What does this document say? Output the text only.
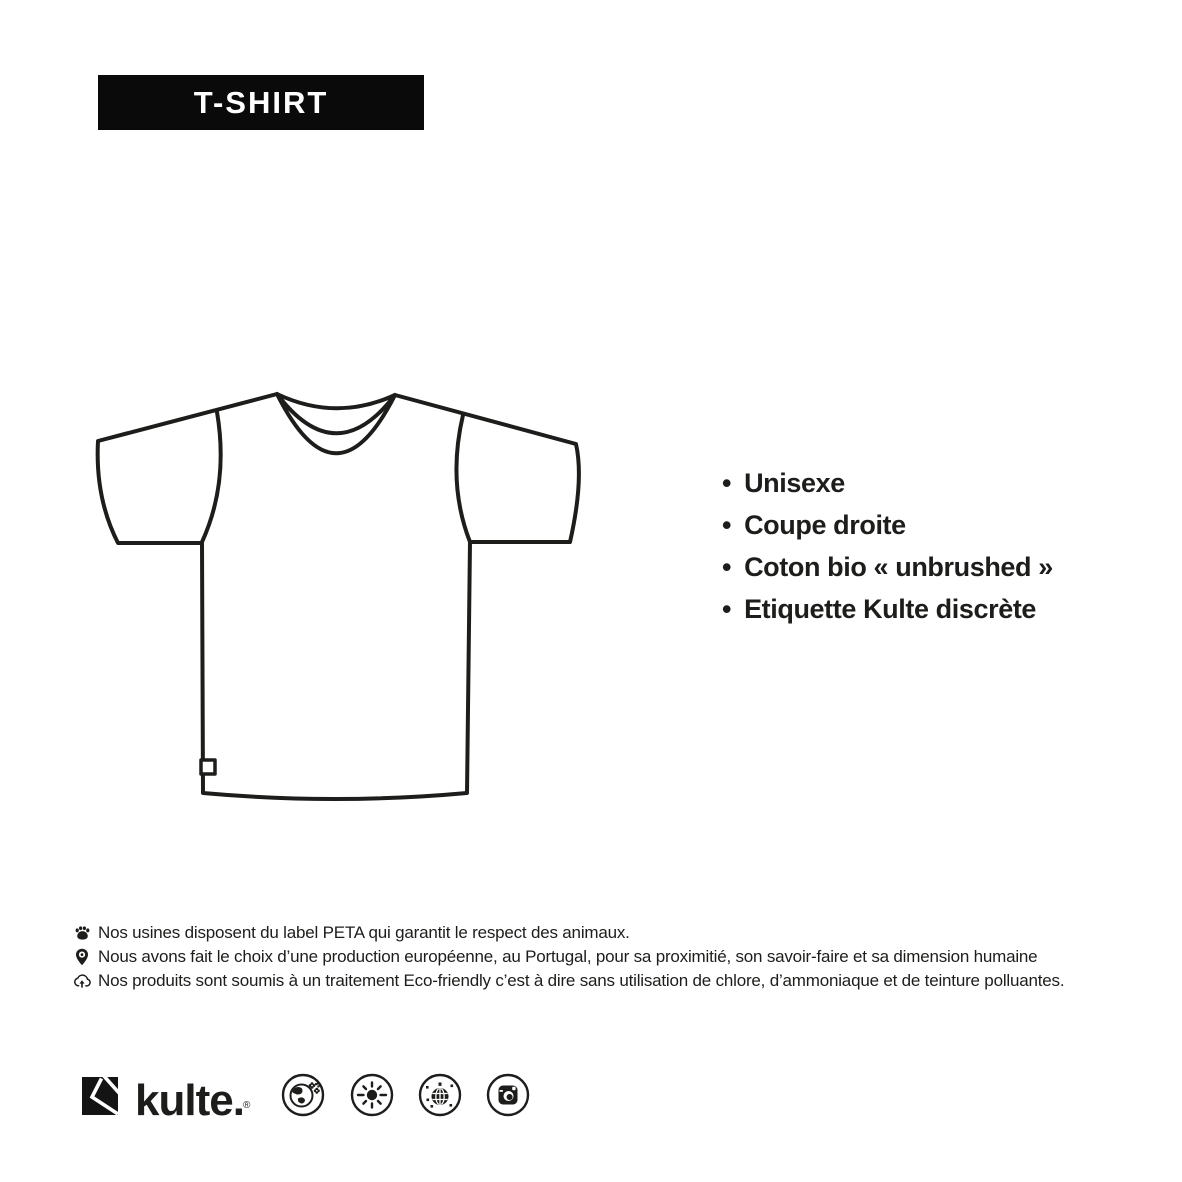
T-SHIRT
• Unisexe
• Coupe droite
• Coton bio « unbrushed »
• Etiquette Kulte discrète
Nos usines disposent du label PETA qui garantit le respect des animaux.
Nous avons fait le choix d’une production européenne, au Portugal, pour sa proximitié, son savoir-faire et sa dimension humaine
Nos produits sont soumis à un traitement Eco-friendly c’est à dire sans utilisation de chlore, d’ammoniaque et de teinture polluantes.
kulte. ®
